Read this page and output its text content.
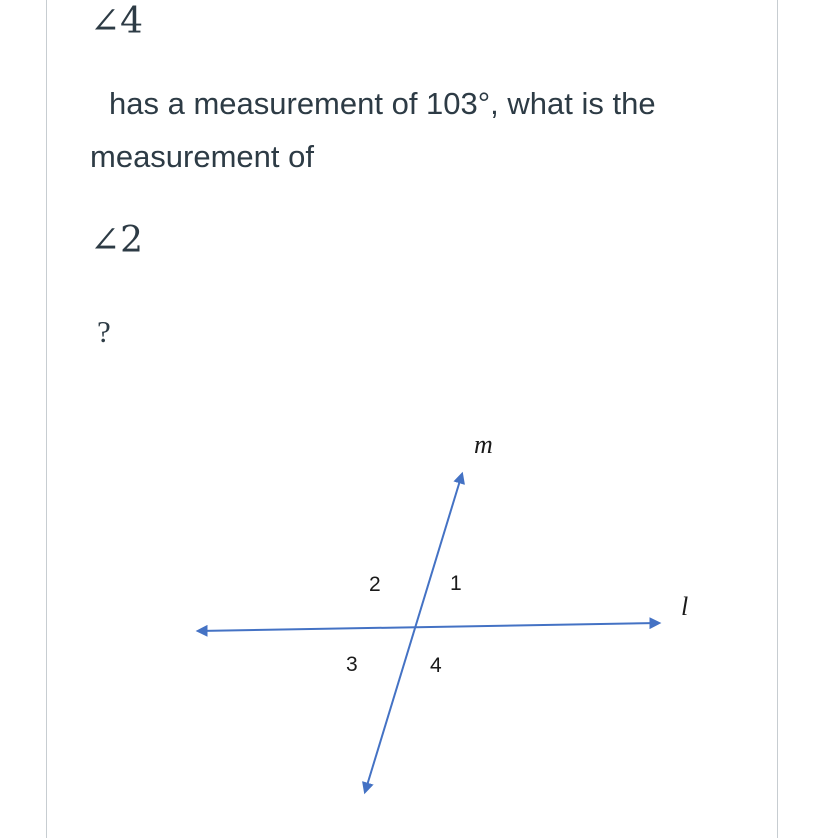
∠4
has a measurement of 103°, what is the
measurement of
∠2
?
m
l
1
2
3	4
